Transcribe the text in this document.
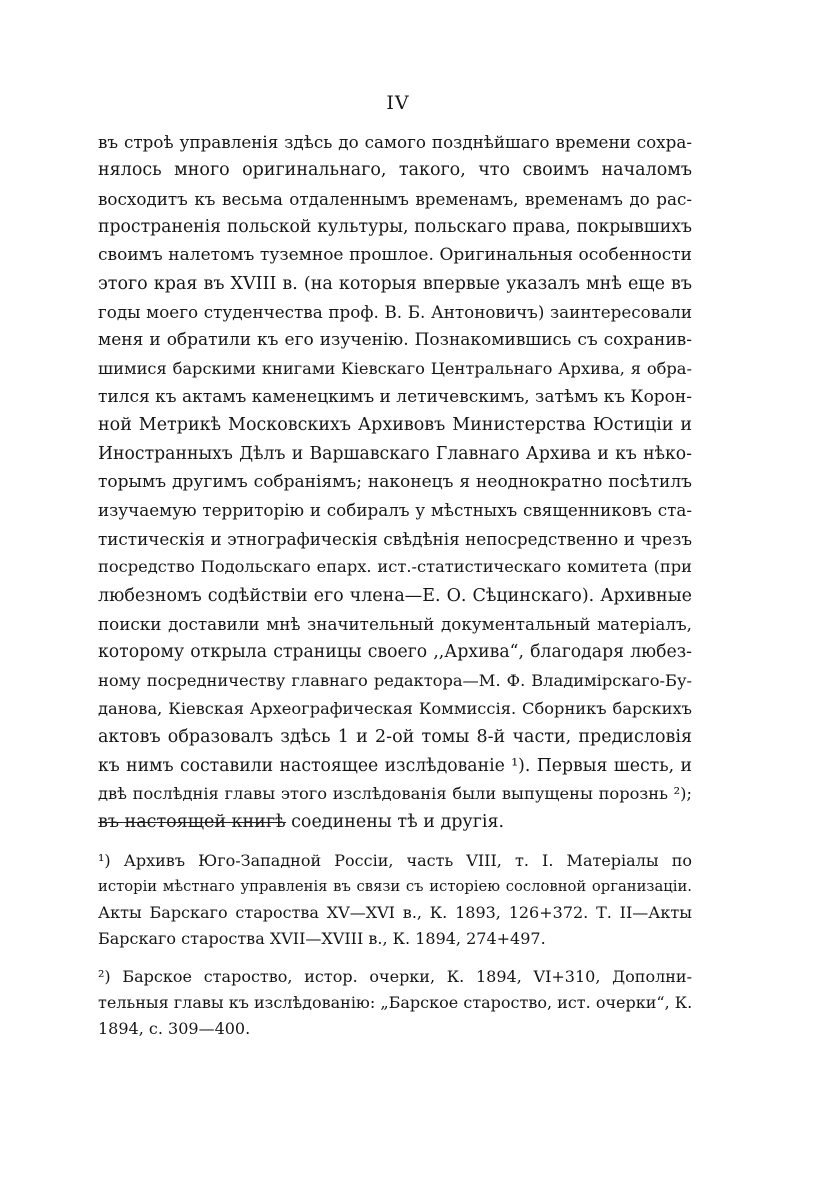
IV
въ строѣ управленія здѣсь до самого позднѣйшаго времени сохра-
нялось много оригинальнаго, такого, что своимъ началомъ
восходитъ къ весьма отдаленнымъ временамъ, временамъ до рас-
пространенія польской культуры, польскаго права, покрывшихъ
своимъ налетомъ туземное прошлое. Оригинальныя особенности
этого края въ XVIII в. (на которыя впервые указалъ мнѣ еще въ
годы моего студенчества проф. В. Б. Антоновичъ) заинтересовали
меня и обратили къ его изученію. Познакомившись съ сохранив-
шимися барскими книгами Кіевскаго Центральнаго Архива, я обра-
тился къ актамъ каменецкимъ и летичевскимъ, затѣмъ къ Корон-
ной Метрикѣ Московскихъ Архивовъ Министерства Юстиціи и
Иностранныхъ Дѣлъ и Варшавскаго Главнаго Архива и къ нѣко-
торымъ другимъ собраніямъ; наконецъ я неоднократно посѣтилъ
изучаемую территорію и собиралъ у мѣстныхъ священниковъ ста-
тистическія и этнографическія свѣдѣнія непосредственно и чрезъ
посредство Подольскаго епарх. ист.-статистическаго комитета (при
любезномъ содѣйствіи его члена—Е. О. Сѣцинскаго). Архивные
поиски доставили мнѣ значительный документальный матеріалъ,
которому открыла страницы своего ,,Архива“, благодаря любез-
ному посредничеству главнаго редактора—М. Ф. Владимірскаго-Бу-
данова, Кіевская Археографическая Коммиссія. Сборникъ барскихъ
актовъ образовалъ здѣсь 1 и 2-ой томы 8-й части, предисловія
къ нимъ составили настоящее изслѣдованіе ¹). Первыя шесть, и
двѣ послѣднія главы этого изслѣдованія были выпущены порознь ²);
въ настоящей книгѣ соединены тѣ и другія.
¹) Архивъ Юго-Западной Россіи, часть VIII, т. I. Матеріалы по
исторіи мѣстнаго управленія въ связи съ исторіею сословной организаціи.
Акты Барскаго староства XV—XVI в., К. 1893, 126+372. Т. II—Акты
Барскаго староства XVII—XVIII в., К. 1894, 274+497.
²) Барское староство, истор. очерки, К. 1894, VI+310, Дополни-
тельныя главы къ изслѣдованію: „Барское староство, ист. очерки“, К.
1894, с. 309—400.
